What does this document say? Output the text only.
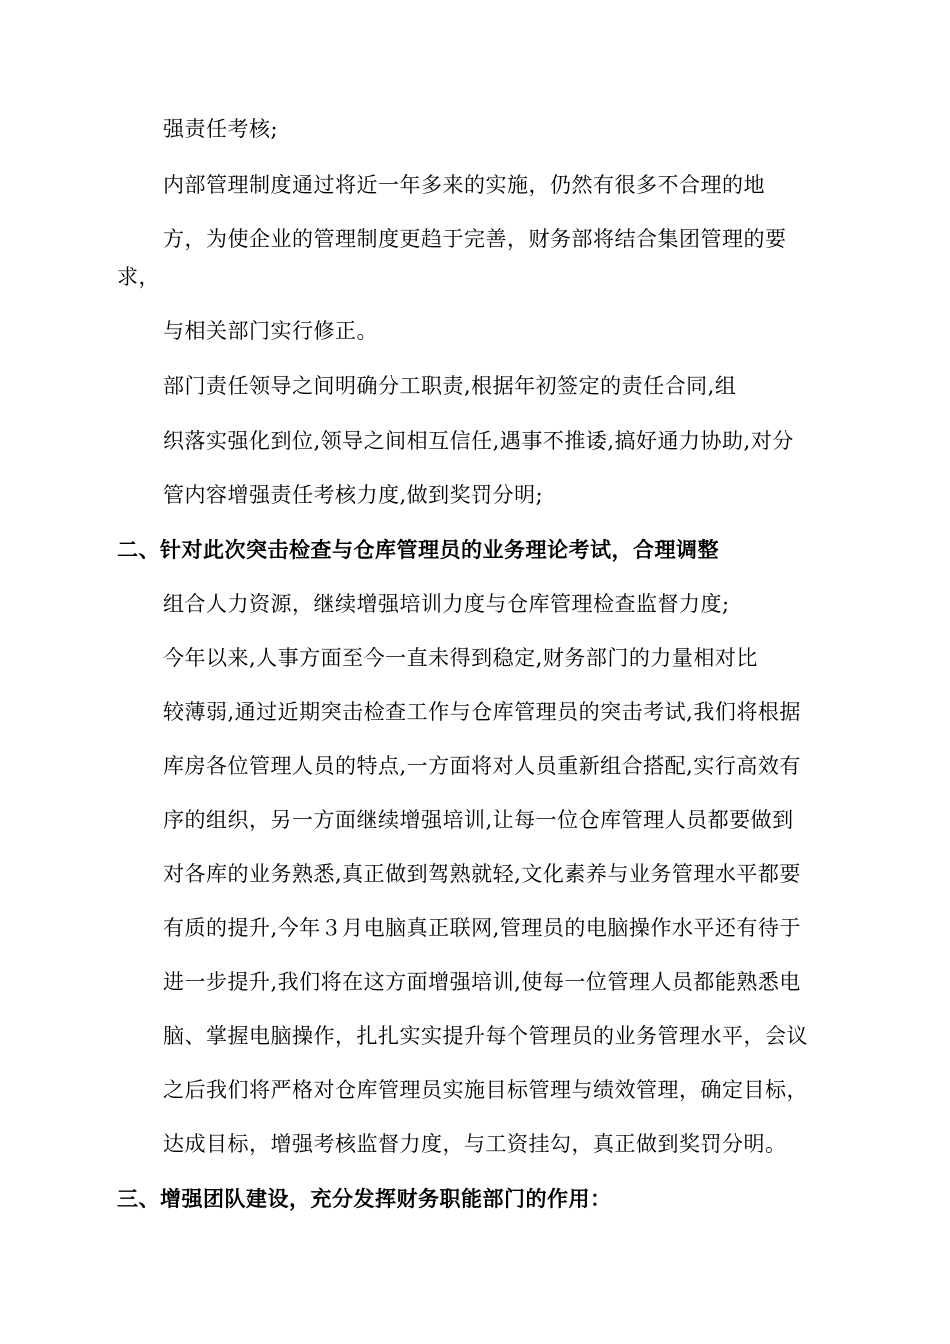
强责任考核;
内部管理制度通过将近一年多来的实施，仍然有很多不合理的地
方，为使企业的管理制度更趋于完善，财务部将结合集团管理的要
求，
与相关部门实行修正。
部门责任领导之间明确分工职责,根据年初签定的责任合同,组
织落实强化到位,领导之间相互信任,遇事不推诿,搞好通力协助,对分
管内容增强责任考核力度,做到奖罚分明;
二、针对此次突击检查与仓库管理员的业务理论考试，合理调整
组合人力资源，继续增强培训力度与仓库管理检查监督力度;
今年以来,人事方面至今一直未得到稳定,财务部门的力量相对比
较薄弱,通过近期突击检查工作与仓库管理员的突击考试,我们将根据
库房各位管理人员的特点,一方面将对人员重新组合搭配,实行高效有
序的组织，另一方面继续增强培训,让每一位仓库管理人员都要做到
对各库的业务熟悉,真正做到驾熟就轻,文化素养与业务管理水平都要
有质的提升,今年３月电脑真正联网,管理员的电脑操作水平还有待于
进一步提升,我们将在这方面增强培训,使每一位管理人员都能熟悉电
脑、掌握电脑操作，扎扎实实提升每个管理员的业务管理水平，会议
之后我们将严格对仓库管理员实施目标管理与绩效管理，确定目标，
达成目标，增强考核监督力度，与工资挂勾，真正做到奖罚分明。
三、增强团队建设，充分发挥财务职能部门的作用：
